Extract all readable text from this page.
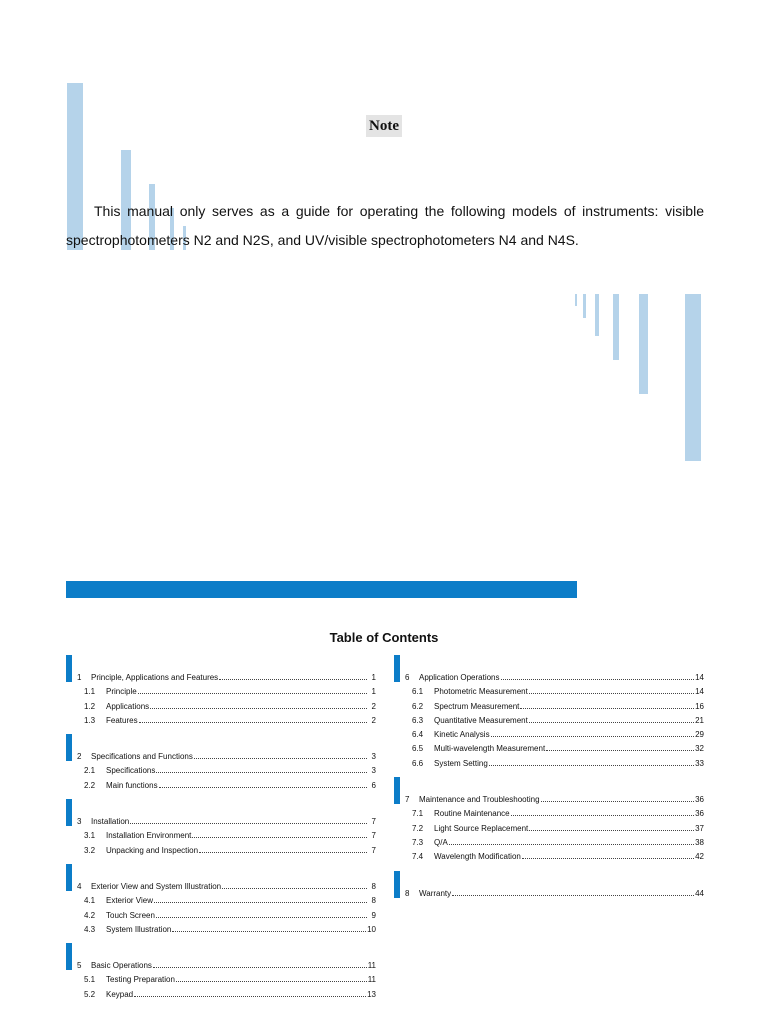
Note

This manual only serves as a guide for operating the following models of instruments: visible spectrophotometers N2 and N2S, and UV/visible spectrophotometers N4 and N4S.

Table of Contents
1	Principle, Applications and Features	1
1.1	Principle	1
1.2	Applications	2
1.3	Features	2
2	Specifications and Functions	3
2.1	Specifications	3
2.2	Main functions	6
3	Installation	7
3.1	Installation Environment	7
3.2	Unpacking and Inspection	7
4	Exterior View and System Illustration	8
4.1	Exterior View	8
4.2	Touch Screen	9
4.3	System Illustration	10
5	Basic Operations	11
5.1	Testing Preparation	11
5.2	Keypad	13
6	Application Operations	14
6.1	Photometric Measurement	14
6.2	Spectrum Measurement	16
6.3	Quantitative Measurement	21
6.4	Kinetic Analysis	29
6.5	Multi-wavelength Measurement	32
6.6	System Setting	33
7	Maintenance and Troubleshooting	36
7.1	Routine Maintenance	36
7.2	Light Source Replacement	37
7.3	Q/A	38
7.4	Wavelength Modification	42
8	Warranty	44
